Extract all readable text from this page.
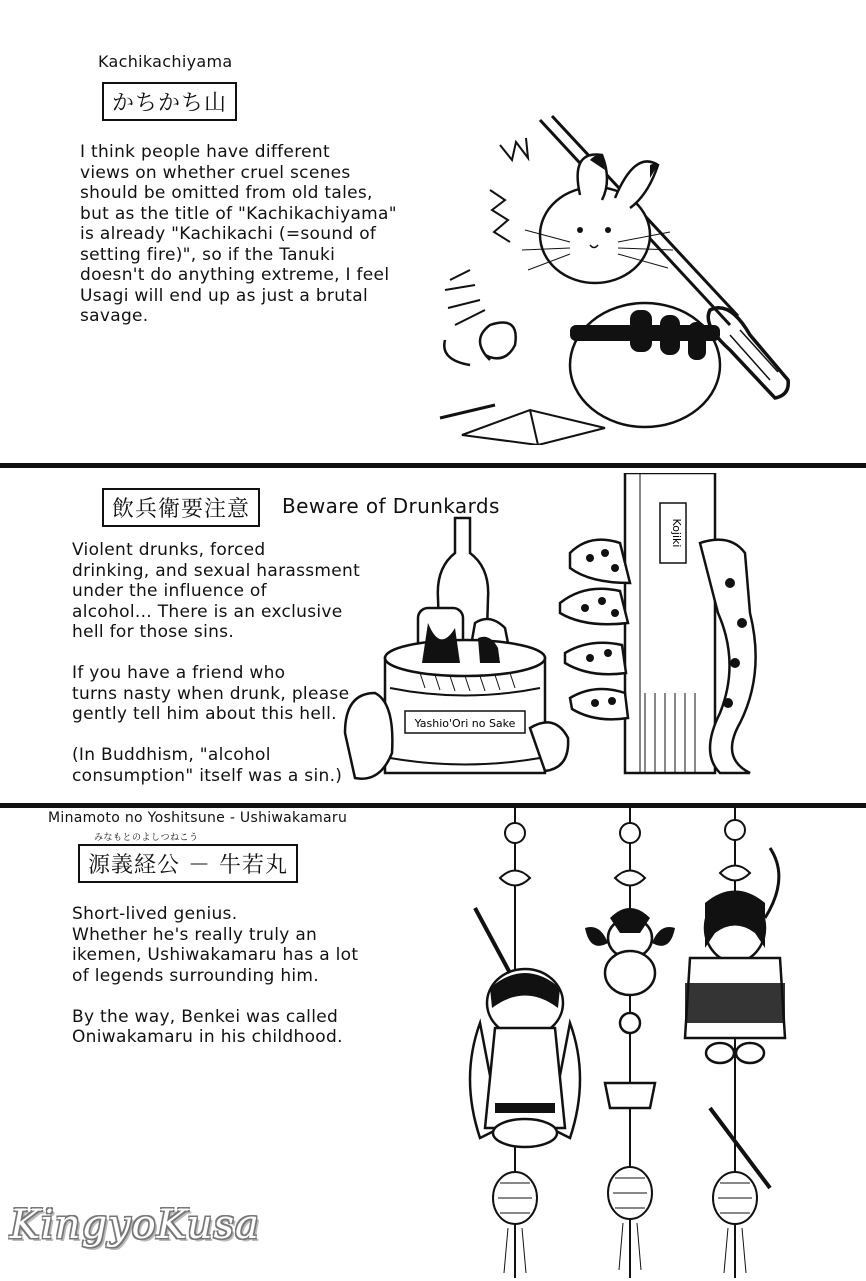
Kachikachiyama
かちかち山
I think people have different
views on whether cruel scenes
should be omitted from old tales,
but as the title of "Kachikachiyama"
is already "Kachikachi (=sound of
setting fire)", so if the Tanuki
doesn't do anything extreme, I feel
Usagi will end up as just a brutal
savage.
飲兵衛要注意	Beware of Drunkards
Violent drunks, forced
drinking, and sexual harassment
under the influence of
alcohol... There is an exclusive
hell for those sins.

If you have a friend who
turns nasty when drunk, please
gently tell him about this hell.

(In Buddhism, "alcohol
consumption" itself was a sin.)
Yashio'Ori no Sake
Kojiki
Minamoto no Yoshitsune - Ushiwakamaru
みなもとのよしつねこう
源義経公 － 牛若丸
Short-lived genius.
Whether he's really truly an
ikemen, Ushiwakamaru has a lot
of legends surrounding him.

By the way, Benkei was called
Oniwakamaru in his childhood.
KingyoKusa
